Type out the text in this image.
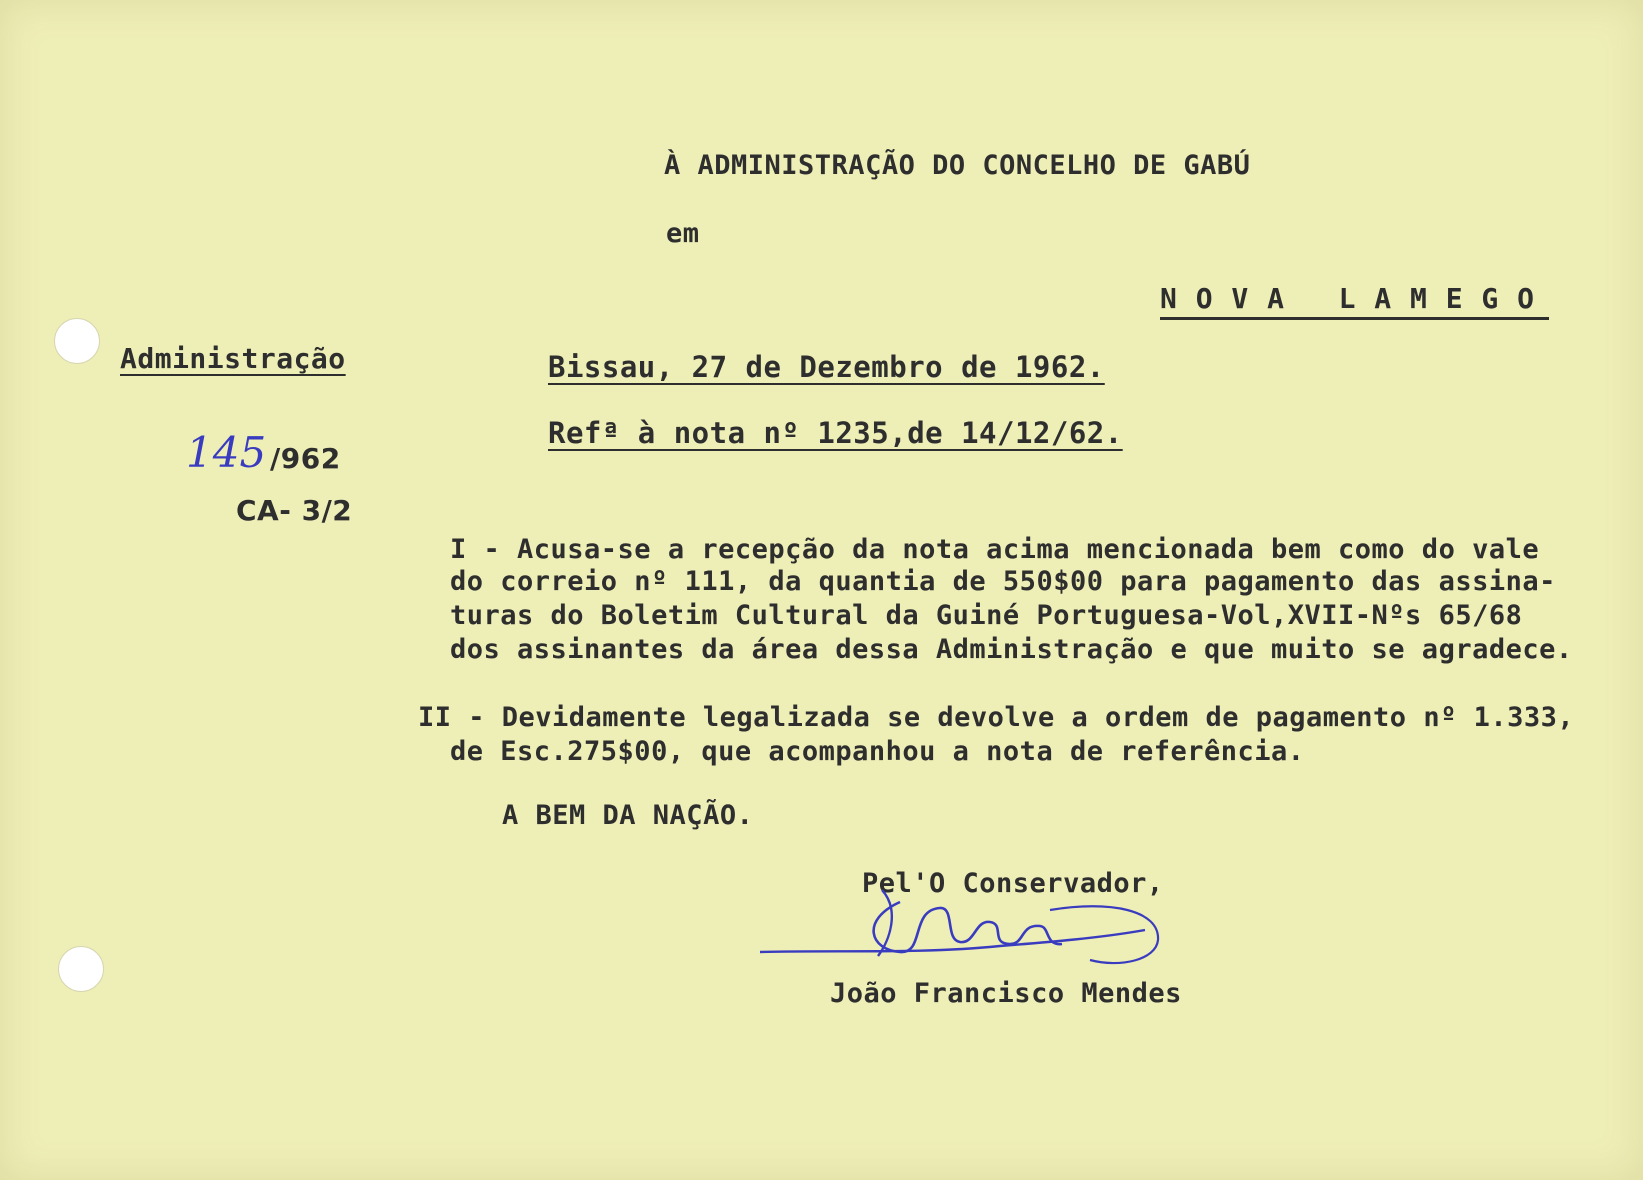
À ADMINISTRAÇÃO DO CONCELHO DE GABÚ
em
N O V A   L A M E G O
Administração
145 /962
CA- 3/2
Bissau, 27 de Dezembro de 1962.
Refª à nota nº 1235,de 14/12/62.
I - Acusa-se a recepção da nota acima mencionada bem como do vale
do correio nº 111, da quantia de 550$00 para pagamento das assina-
turas do Boletim Cultural da Guiné Portuguesa-Vol,XVII-Nºs 65/68
dos assinantes da área dessa Administração e que muito se agradece.
II - Devidamente legalizada se devolve a ordem de pagamento nº 1.333,
de Esc.275$00, que acompanhou a nota de referência.
A BEM DA NAÇÃO.
Pel'O Conservador,
João Francisco Mendes
